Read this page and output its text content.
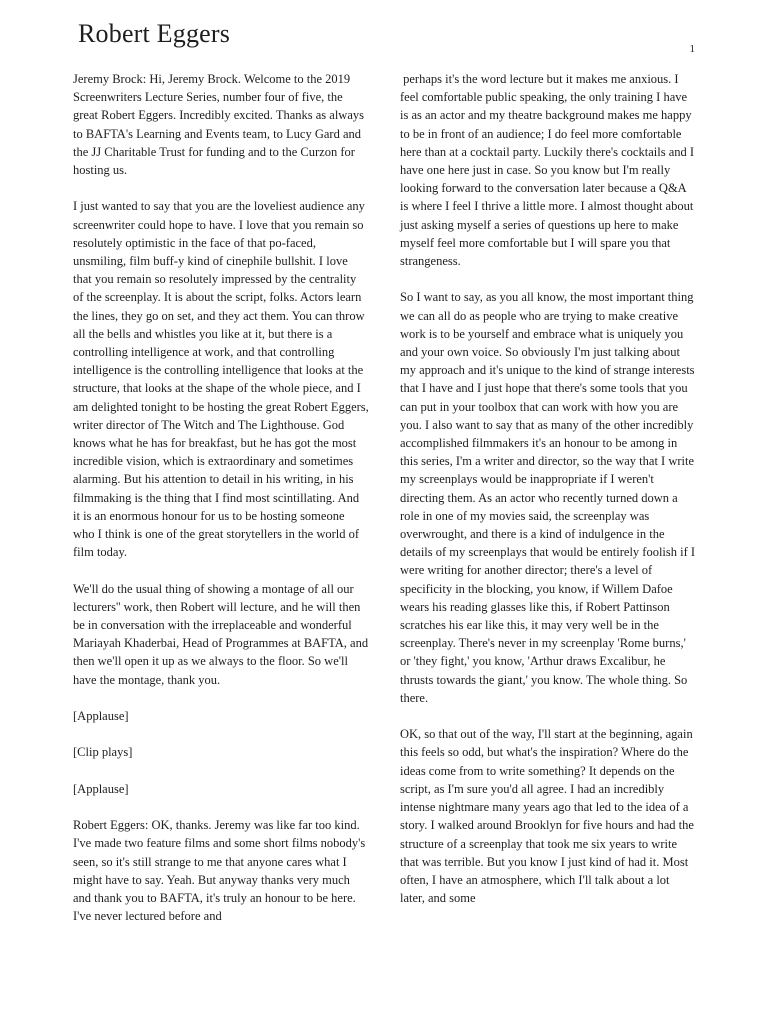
Robert Eggers
1

Jeremy Brock: Hi, Jeremy Brock. Welcome to the 2019 Screenwriters Lecture Series, number four of five, the great Robert Eggers. Incredibly excited. Thanks as always to BAFTA's Learning and Events team, to Lucy Gard and the JJ Charitable Trust for funding and to the Curzon for hosting us.

I just wanted to say that you are the loveliest audience any screenwriter could hope to have. I love that you remain so resolutely optimistic in the face of that po-faced, unsmiling, film buff-y kind of cinephile bullshit. I love that you remain so resolutely impressed by the centrality of the screenplay. It is about the script, folks. Actors learn the lines, they go on set, and they act them. You can throw all the bells and whistles you like at it, but there is a controlling intelligence at work, and that controlling intelligence is the controlling intelligence that looks at the structure, that looks at the shape of the whole piece, and I am delighted tonight to be hosting the great Robert Eggers, writer director of The Witch and The Lighthouse. God knows what he has for breakfast, but he has got the most incredible vision, which is extraordinary and sometimes alarming. But his attention to detail in his writing, in his filmmaking is the thing that I find most scintillating. And it is an enormous honour for us to be hosting someone who I think is one of the great storytellers in the world of film today.

We'll do the usual thing of showing a montage of all our lecturers'' work, then Robert will lecture, and he will then be in conversation with the irreplaceable and wonderful Mariayah Khaderbai, Head of Programmes at BAFTA, and then we'll open it up as we always to the floor. So we'll have the montage, thank you.

[Applause]

[Clip plays]

[Applause]

Robert Eggers: OK, thanks. Jeremy was like far too kind. I've made two feature films and some short films nobody's seen, so it's still strange to me that anyone cares what I might have to say. Yeah. But anyway thanks very much and thank you to BAFTA, it's truly an honour to be here. I've never lectured before and

perhaps it's the word lecture but it makes me anxious. I feel comfortable public speaking, the only training I have is as an actor and my theatre background makes me happy to be in front of an audience; I do feel more comfortable here than at a cocktail party. Luckily there's cocktails and I have one here just in case. So you know but I'm really looking forward to the conversation later because a Q&A is where I feel I thrive a little more. I almost thought about just asking myself a series of questions up here to make myself feel more comfortable but I will spare you that strangeness.

So I want to say, as you all know, the most important thing we can all do as people who are trying to make creative work is to be yourself and embrace what is uniquely you and your own voice. So obviously I'm just talking about my approach and it's unique to the kind of strange interests that I have and I just hope that there's some tools that you can put in your toolbox that can work with how you are you. I also want to say that as many of the other incredibly accomplished filmmakers it's an honour to be among in this series, I'm a writer and director, so the way that I write my screenplays would be inappropriate if I weren't directing them. As an actor who recently turned down a role in one of my movies said, the screenplay was overwrought, and there is a kind of indulgence in the details of my screenplays that would be entirely foolish if I were writing for another director; there's a level of specificity in the blocking, you know, if Willem Dafoe wears his reading glasses like this, if Robert Pattinson scratches his ear like this, it may very well be in the screenplay. There's never in my screenplay 'Rome burns,' or 'they fight,' you know, 'Arthur draws Excalibur, he thrusts towards the giant,' you know. The whole thing. So there.

OK, so that out of the way, I'll start at the beginning, again this feels so odd, but what's the inspiration? Where do the ideas come from to write something? It depends on the script, as I'm sure you'd all agree. I had an incredibly intense nightmare many years ago that led to the idea of a story. I walked around Brooklyn for five hours and had the structure of a screenplay that took me six years to write that was terrible. But you know I just kind of had it. Most often, I have an atmosphere, which I'll talk about a lot later, and some
